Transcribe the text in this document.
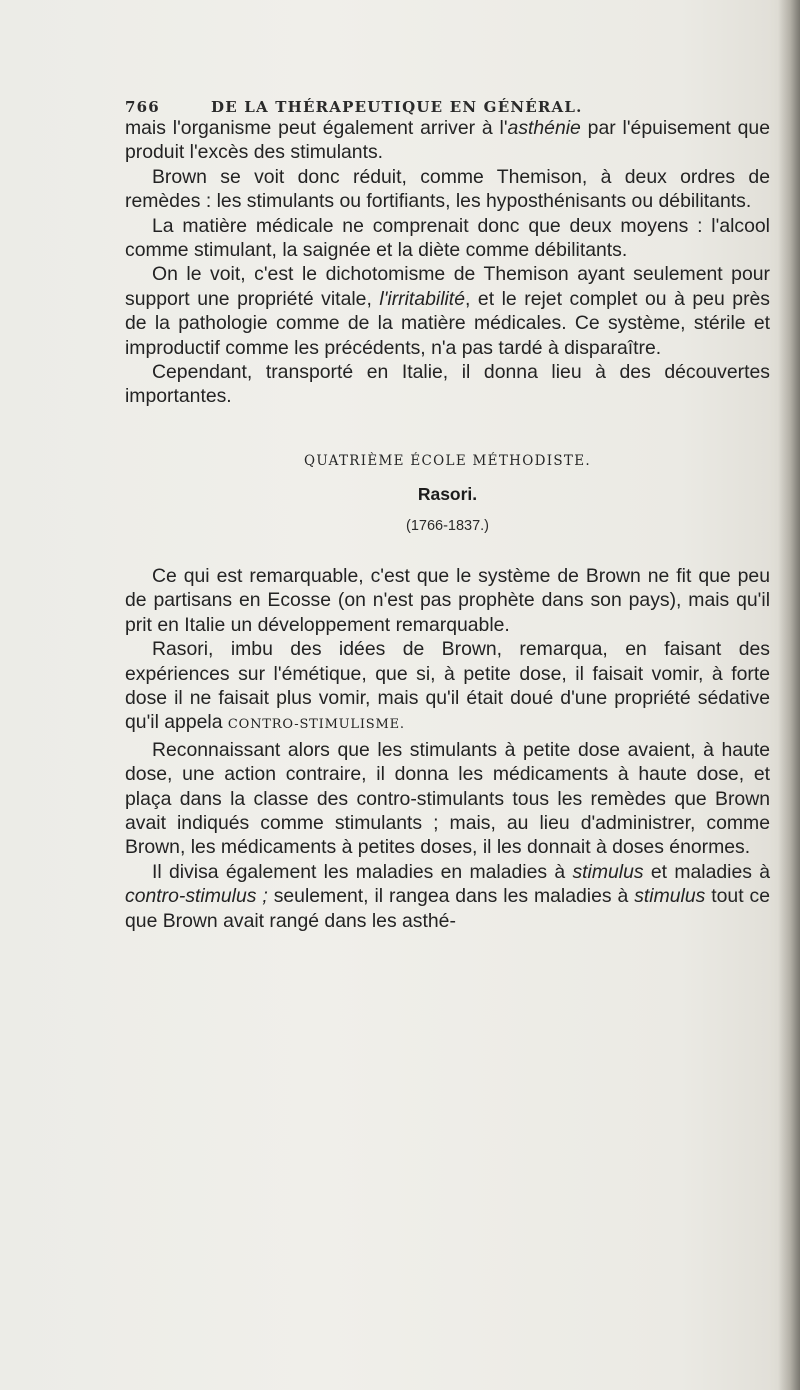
766	DE LA THÉRAPEUTIQUE EN GÉNÉRAL.

mais l'organisme peut également arriver à l'asthénie par l'épuisement que produit l'excès des stimulants.

Brown se voit donc réduit, comme Themison, à deux ordres de remèdes : les stimulants ou fortifiants, les hyposthénisants ou débilitants.

La matière médicale ne comprenait donc que deux moyens : l'alcool comme stimulant, la saignée et la diète comme débilitants.

On le voit, c'est le dichotomisme de Themison ayant seulement pour support une propriété vitale, l'irritabilité, et le rejet complet ou à peu près de la pathologie comme de la matière médicales. Ce système, stérile et improductif comme les précédents, n'a pas tardé à disparaître.

Cependant, transporté en Italie, il donna lieu à des découvertes importantes.

QUATRIÈME ÉCOLE MÉTHODISTE.
Rasori.
(1766-1837.)

Ce qui est remarquable, c'est que le système de Brown ne fit que peu de partisans en Ecosse (on n'est pas prophète dans son pays), mais qu'il prit en Italie un développement remarquable.

Rasori, imbu des idées de Brown, remarqua, en faisant des expériences sur l'émétique, que si, à petite dose, il faisait vomir, à forte dose il ne faisait plus vomir, mais qu'il était doué d'une propriété sédative qu'il appela CONTRO-STIMULISME.

Reconnaissant alors que les stimulants à petite dose avaient, à haute dose, une action contraire, il donna les médicaments à haute dose, et plaça dans la classe des contro-stimulants tous les remèdes que Brown avait indiqués comme stimulants ; mais, au lieu d'administrer, comme Brown, les médicaments à petites doses, il les donnait à doses énormes.

Il divisa également les maladies en maladies à stimulus et maladies à contro-stimulus ; seulement, il rangea dans les maladies à stimulus tout ce que Brown avait rangé dans les asthé-
